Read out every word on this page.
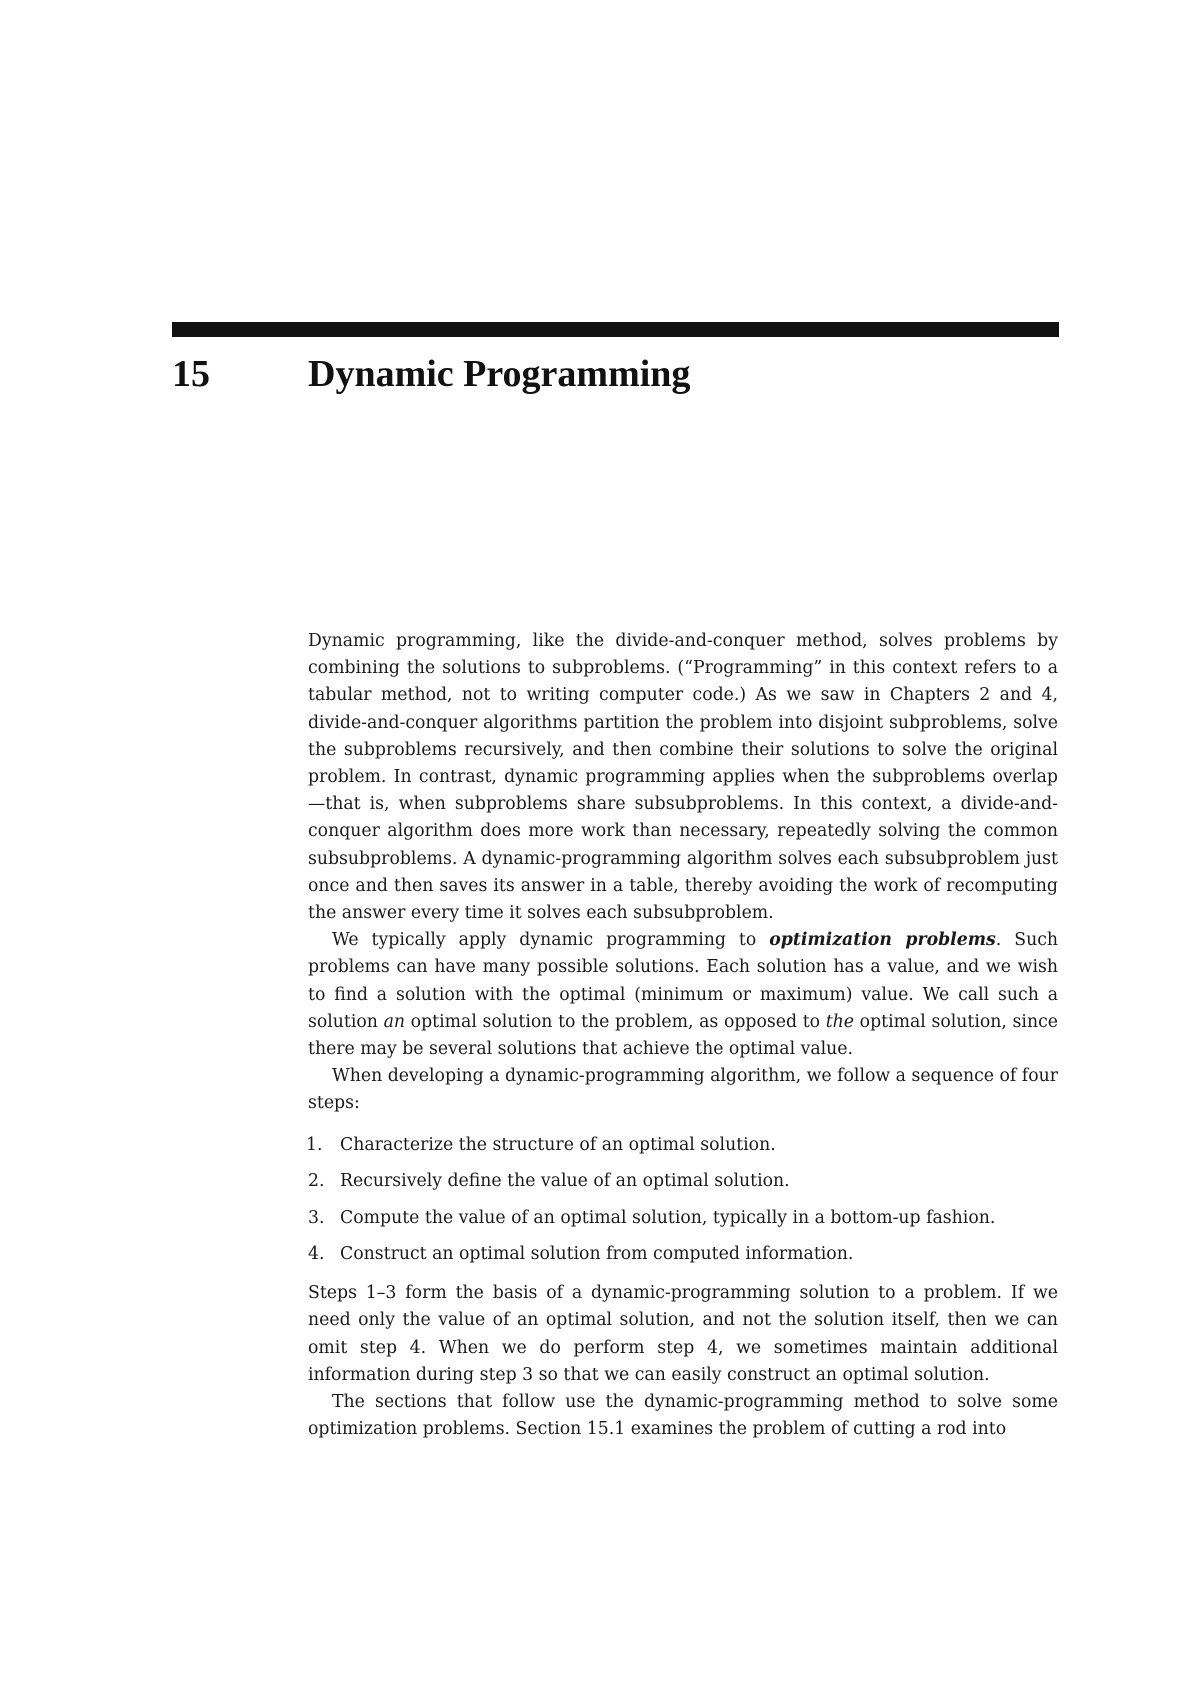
15	Dynamic Programming

Dynamic programming, like the divide-and-conquer method, solves problems by combining the solutions to subproblems. (“Programming” in this context refers to a tabular method, not to writing computer code.) As we saw in Chapters 2 and 4, divide-and-conquer algorithms partition the problem into disjoint subproblems, solve the subproblems recursively, and then combine their solutions to solve the original problem. In contrast, dynamic programming applies when the subproblems overlap—that is, when subproblems share subsubproblems. In this context, a divide-and-conquer algorithm does more work than necessary, repeatedly solving the common subsubproblems. A dynamic-programming algorithm solves each subsubproblem just once and then saves its answer in a table, thereby avoiding the work of recomputing the answer every time it solves each subsubproblem.

We typically apply dynamic programming to optimization problems. Such problems can have many possible solutions. Each solution has a value, and we wish to find a solution with the optimal (minimum or maximum) value. We call such a solution an optimal solution to the problem, as opposed to the optimal solution, since there may be several solutions that achieve the optimal value.

When developing a dynamic-programming algorithm, we follow a sequence of four steps:

1. Characterize the structure of an optimal solution.
2. Recursively define the value of an optimal solution.
3. Compute the value of an optimal solution, typically in a bottom-up fashion.
4. Construct an optimal solution from computed information.

Steps 1–3 form the basis of a dynamic-programming solution to a problem. If we need only the value of an optimal solution, and not the solution itself, then we can omit step 4. When we do perform step 4, we sometimes maintain additional information during step 3 so that we can easily construct an optimal solution.

The sections that follow use the dynamic-programming method to solve some optimization problems. Section 15.1 examines the problem of cutting a rod into
